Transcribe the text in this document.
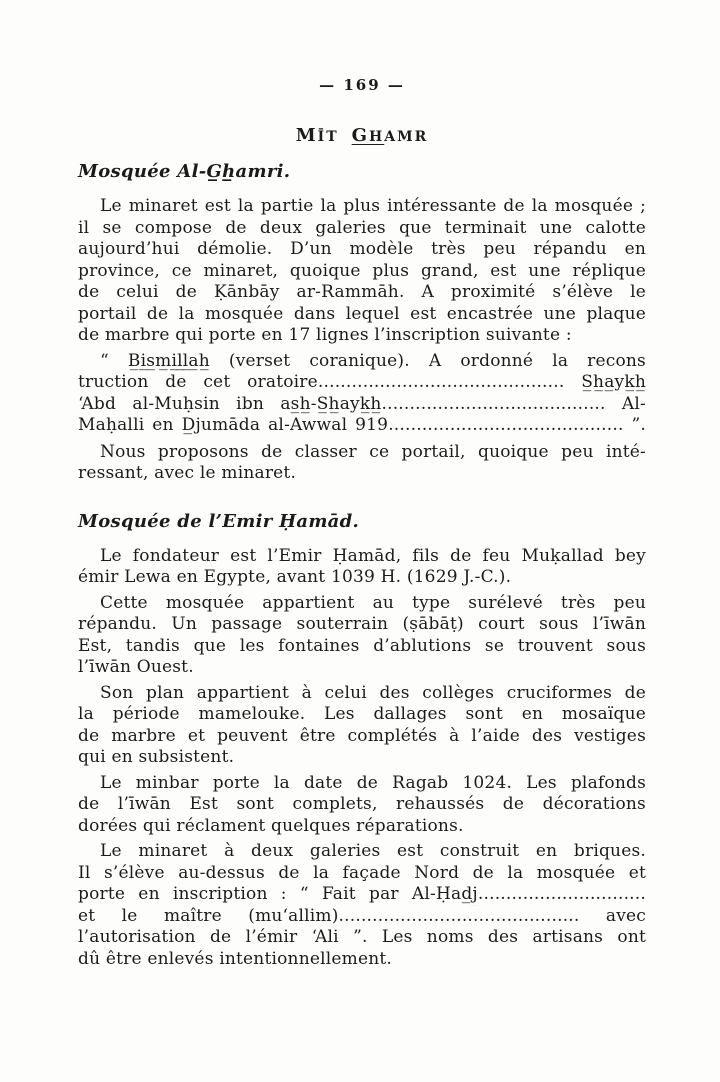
— 169 —
MĪT GHAMR
Mosquée Al-G̲h̲amri.
Le minaret est la partie la plus intéressante de la mosquée ;
il se compose de deux galeries que terminait une calotte
aujourd’hui démolie. D’un modèle très peu répandu en
province, ce minaret, quoique plus grand, est une réplique
de celui de Ḳānbāy ar-Rammāh. A proximité s’élève le
portail de la mosquée dans lequel est encastrée une plaque
de marbre qui porte en 17 lignes l’inscription suivante :
“ B̲i̲s̲m̲i̲l̲l̲a̲h̲ (verset coranique). A ordonné la recons
truction de cet oratoire............................................ S̲h̲a̲y̲k̲h̲
‘Abd al-Muḥsin ibn as̲h̲-S̲h̲ayk̲h̲........................................ Al-
Maḥalli en D̲j̲umāda al-Awwal 919.......................................... ”.
Nous proposons de classer ce portail, quoique peu inté-
ressant, avec le minaret.
Mosquée de l’Emir Ḥamād.
Le fondateur est l’Emir Ḥamād, fils de feu Muḳallad bey
émir Lewa en Egypte, avant 1039 H. (1629 J.-C.).
Cette mosquée appartient au type surélevé très peu
répandu. Un passage souterrain (ṣābāṭ) court sous l’īwān
Est, tandis que les fontaines d’ablutions se trouvent sous
l’īwān Ouest.
Son plan appartient à celui des collèges cruciformes de
la période mamelouke. Les dallages sont en mosaïque
de marbre et peuvent être complétés à l’aide des vestiges
qui en subsistent.
Le minbar porte la date de Ragab 1024. Les plafonds
de l’īwān Est sont complets, rehaussés de décorations
dorées qui réclament quelques réparations.
Le minaret à deux galeries est construit en briques.
Il s’élève au-dessus de la façade Nord de la mosquée et
porte en inscription : “ Fait par Al-Ḥad̲j̲..............................
et le maître (mu‘allim)........................................... avec
l’autorisation de l’émir ‘Ali ”. Les noms des artisans ont
dû être enlevés intentionnellement.
